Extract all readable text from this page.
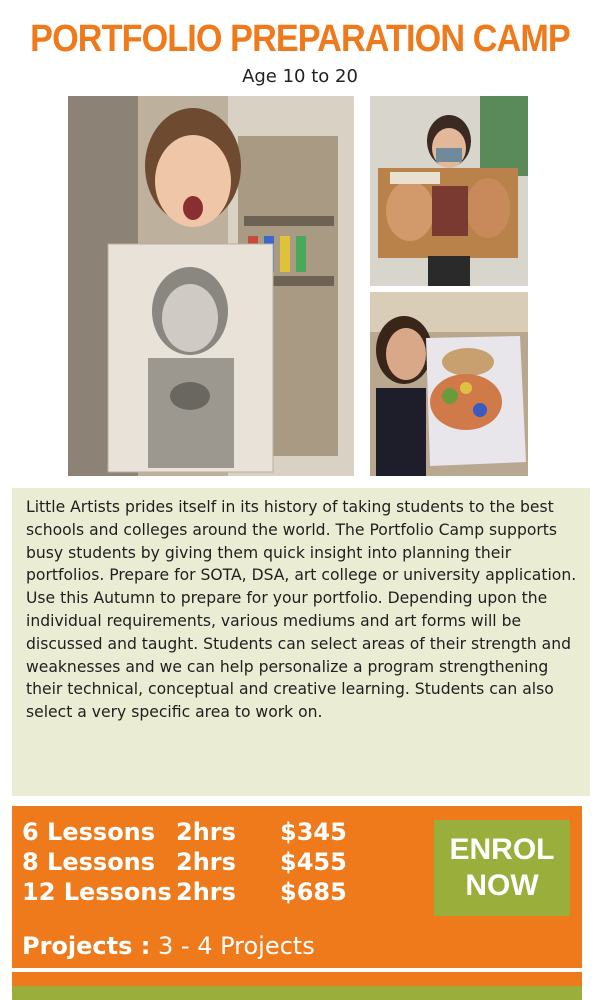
PORTFOLIO PREPARATION CAMP
Age 10 to 20
Little Artists prides itself in its history of taking students to the best schools and colleges around the world. The Portfolio Camp supports busy students by giving them quick insight into planning their portfolios. Prepare for SOTA, DSA, art college or university application. Use this Autumn to prepare for your portfolio. Depending upon the individual requirements, various mediums and art forms will be discussed and taught. Students can select areas of their strength and weaknesses and we can help personalize a program strengthening their technical, conceptual and creative learning. Students can also select a very specific area to work on.
6 Lessons 2hrs $345
8 Lessons 2hrs $455
12 Lessons 2hrs $685
ENROL
NOW
Projects : 3 - 4 Projects
